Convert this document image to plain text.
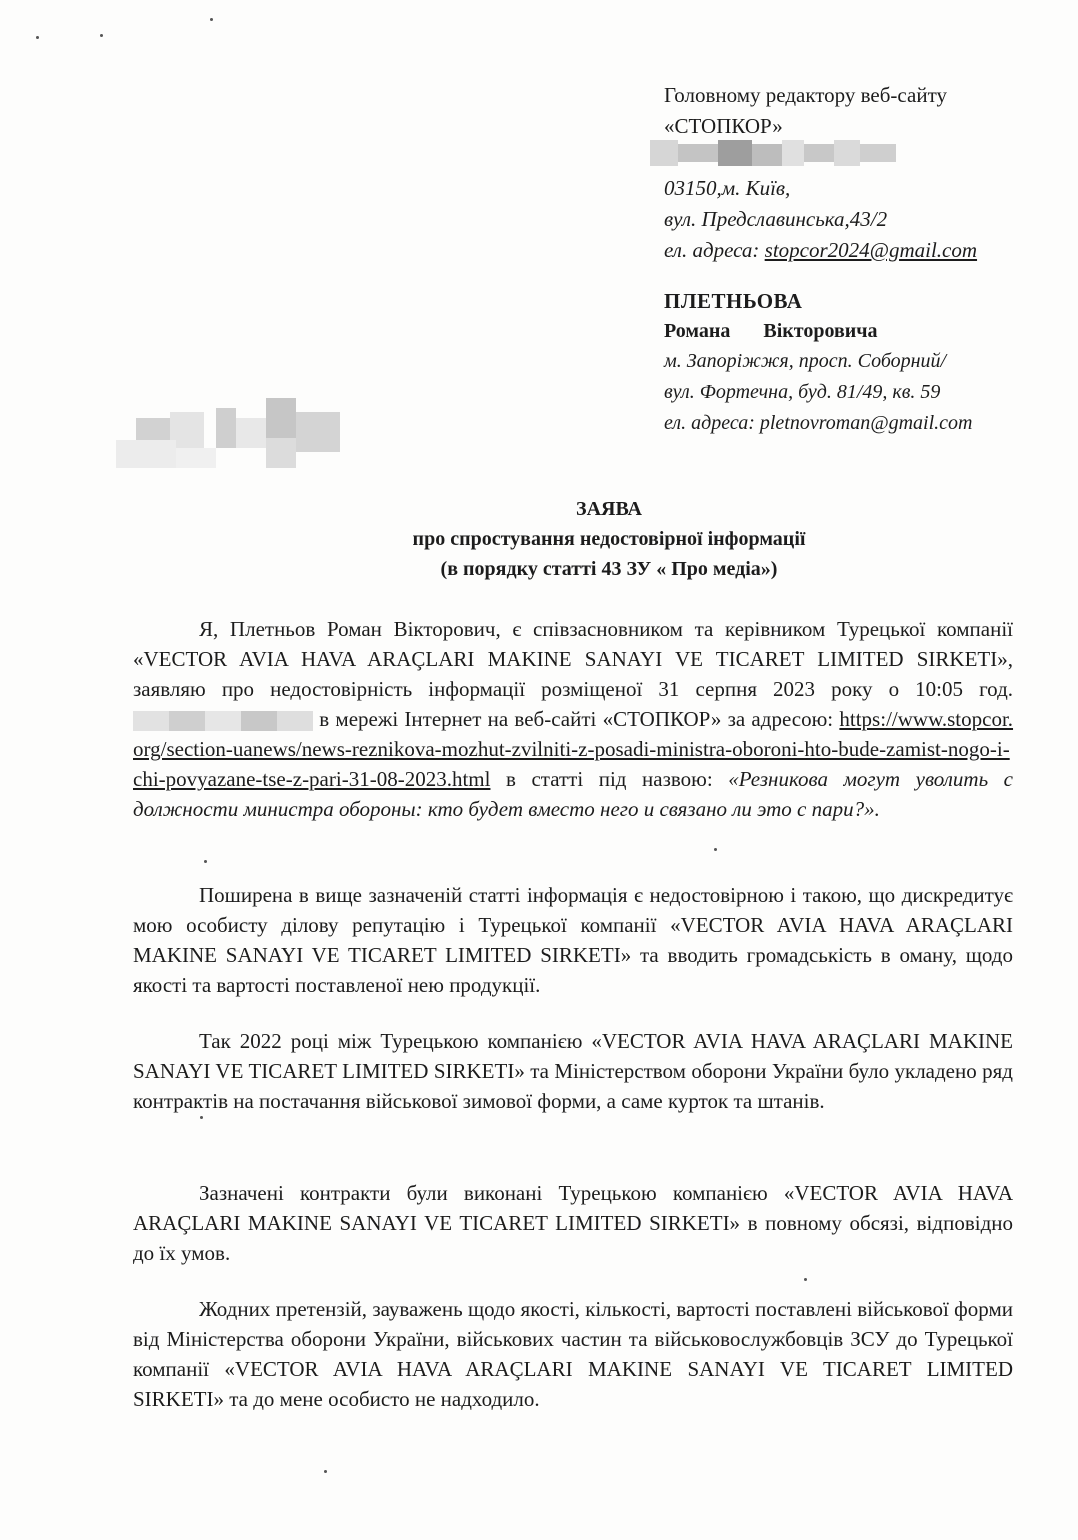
Головному редактору веб-сайту
«СТОПКОР»
03150,м. Київ,
вул. Предславинська,43/2
ел. адреса: stopcor2024@gmail.com
ПЛЕТНЬОВА
Романа Вікторовича
м. Запоріжжя, просп. Соборний/
вул. Фортечна, буд. 81/49, кв. 59
ел. адреса: pletnovroman@gmail.com
ЗАЯВА
про спростування недостовірної інформації
(в порядку статті 43 ЗУ « Про медіа»)
Я, Плетньов Роман Вікторович, є співзасновником та керівником Турецької компанії «VECTOR AVIA HAVA ARAÇLARI MAKINE SANAYI VE TICARET LIMITED SIRKETI», заявляю про недостовірність інформації розміщеної 31 серпня 2023 року о 10:05 год.  в мережі Інтернет на веб-сайті «СТОПКОР» за адресою: https://www.stopcor.org/section-uanews/news-reznikova-mozhut-zvilniti-z-posadi-ministra-oboroni-hto-bude-zamist-nogo-i-chi-povyazane-tse-z-pari-31-08-2023.html в статті під назвою: «Резникова могут уволить с должности министра обороны: кто будет вместо него и связано ли это с пари?».
Поширена в вище зазначеній статті інформація є недостовірною і такою, що дискредитує мою особисту ділову репутацію і Турецької компанії «VECTOR AVIA HAVA ARAÇLARI MAKINE SANAYI VE TICARET LIMITED SIRKETI» та вводить громадськість в оману, щодо якості та вартості поставленої нею продукції.
Так 2022 році між Турецькою компанією «VECTOR AVIA HAVA ARAÇLARI MAKINE SANAYI VE TICARET LIMITED SIRKETI» та Міністерством оборони України було укладено ряд контрактів на постачання військової зимової форми, а саме курток та штанів.
Зазначені контракти були виконані Турецькою компанією «VECTOR AVIA HAVA ARAÇLARI MAKINE SANAYI VE TICARET LIMITED SIRKETI» в повному обсязі, відповідно до їх умов.
Жодних претензій, зауважень щодо якості, кількості, вартості поставлені військової форми від Міністерства оборони України, військових частин та військовослужбовців ЗСУ до Турецької компанії «VECTOR AVIA HAVA ARAÇLARI MAKINE SANAYI VE TICARET LIMITED SIRKETI» та до мене особисто не надходило.
